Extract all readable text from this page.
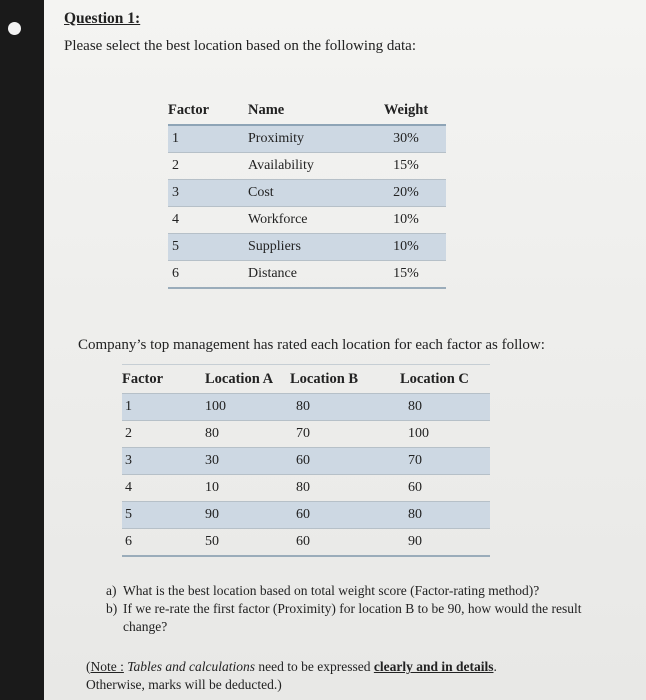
Question 1:
Please select the best location based on the following data:
Factor	Name	Weight
1	Proximity	30%
2	Availability	15%
3	Cost	20%
4	Workforce	10%
5	Suppliers	10%
6	Distance	15%
Company’s top management has rated each location for each factor as follow:
Factor	Location A	Location B	Location C
1	100	80	80
2	80	70	100
3	30	60	70
4	10	80	60
5	90	60	80
6	50	60	90
a) What is the best location based on total weight score (Factor-rating method)?
b) If we re-rate the first factor (Proximity) for location B to be 90, how would the result change?
(Note : Tables and calculations need to be expressed clearly and in details.
Otherwise, marks will be deducted.)
